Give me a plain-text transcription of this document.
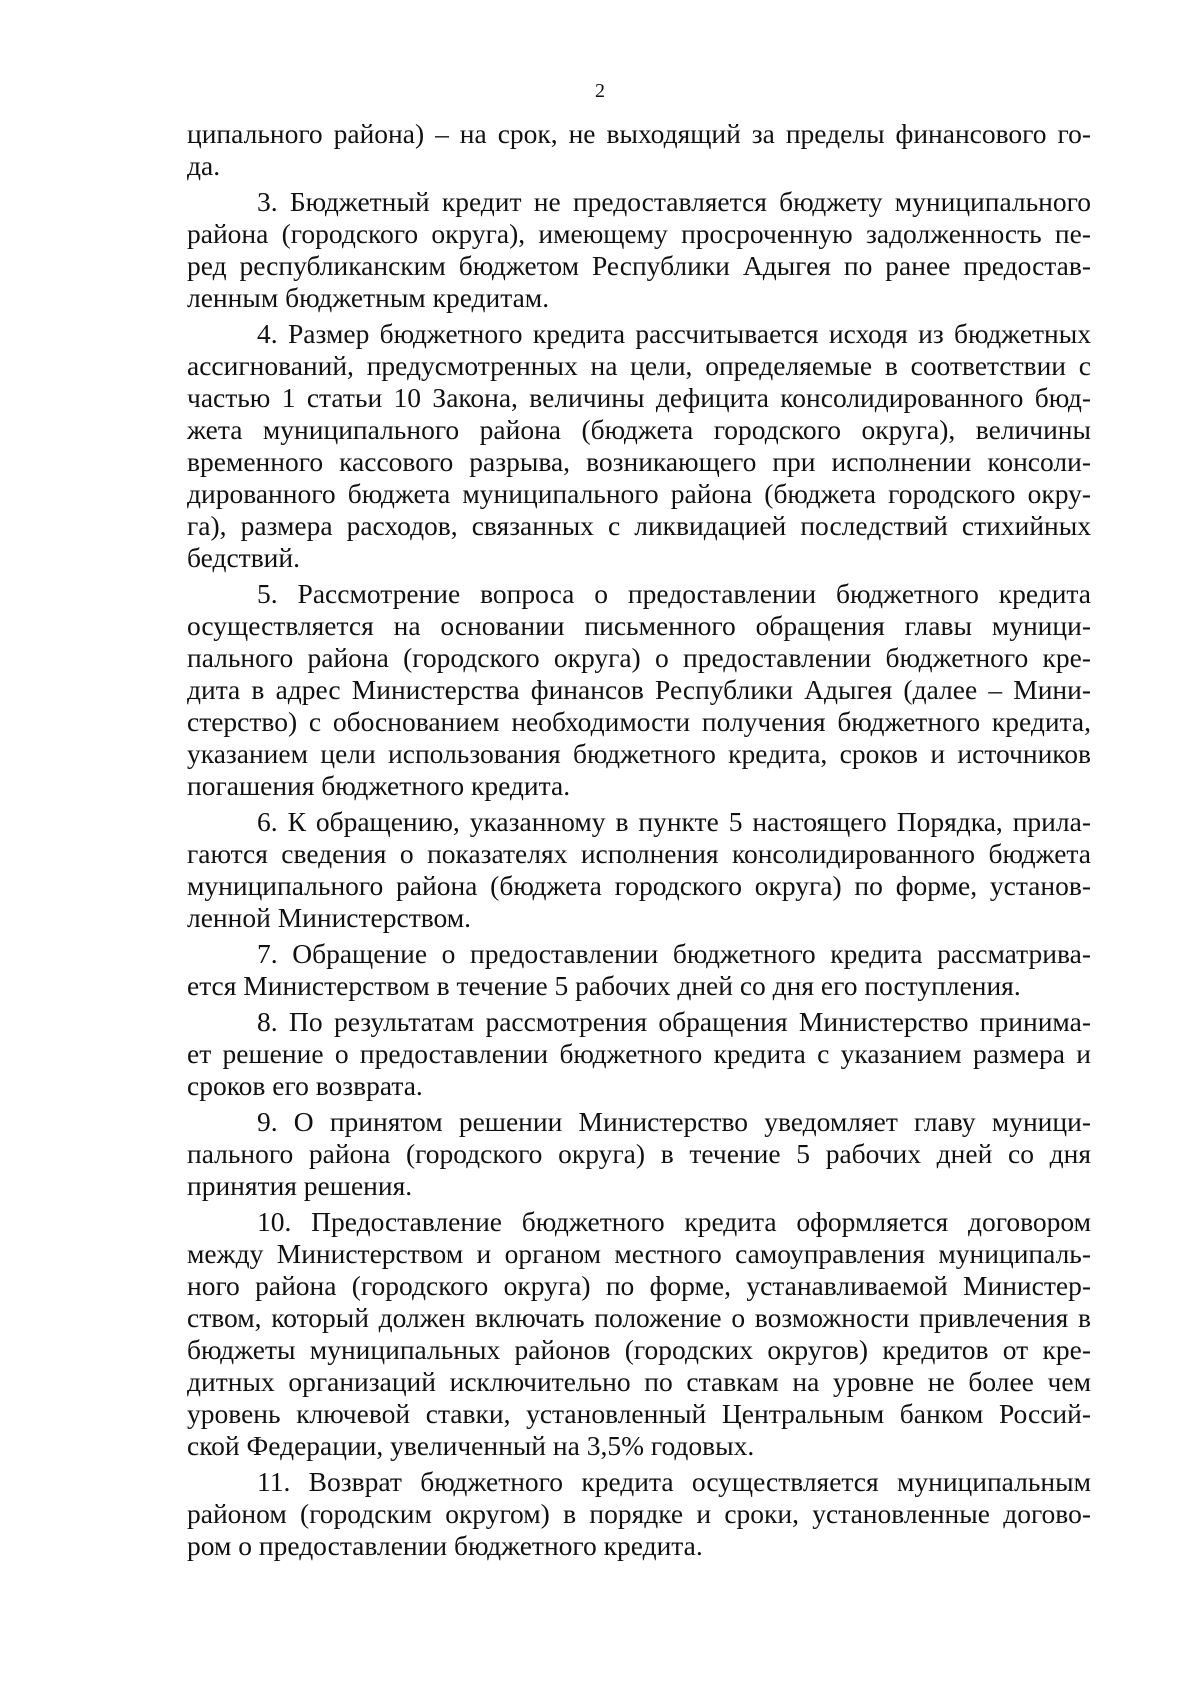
2
ципального района) – на срок, не выходящий за пределы финансового го-
да.
3. Бюджетный кредит не предоставляется бюджету муниципального
района (городского округа), имеющему просроченную задолженность пе-
ред республиканским бюджетом Республики Адыгея по ранее предостав-
ленным бюджетным кредитам.
4. Размер бюджетного кредита рассчитывается исходя из бюджетных
ассигнований, предусмотренных на цели, определяемые в соответствии с
частью 1 статьи 10 Закона, величины дефицита консолидированного бюд-
жета муниципального района (бюджета городского округа), величины
временного кассового разрыва, возникающего при исполнении консоли-
дированного бюджета муниципального района (бюджета городского окру-
га), размера расходов, связанных с ликвидацией последствий стихийных
бедствий.
5. Рассмотрение вопроса о предоставлении бюджетного кредита
осуществляется на основании письменного обращения главы муници-
пального района (городского округа) о предоставлении бюджетного кре-
дита в адрес Министерства финансов Республики Адыгея (далее – Мини-
стерство) с обоснованием необходимости получения бюджетного кредита,
указанием цели использования бюджетного кредита, сроков и источников
погашения бюджетного кредита.
6. К обращению, указанному в пункте 5 настоящего Порядка, прила-
гаются сведения о показателях исполнения консолидированного бюджета
муниципального района (бюджета городского округа) по форме, установ-
ленной Министерством.
7. Обращение о предоставлении бюджетного кредита рассматрива-
ется Министерством в течение 5 рабочих дней со дня его поступления.
8. По результатам рассмотрения обращения Министерство принима-
ет решение о предоставлении бюджетного кредита с указанием размера и
сроков его возврата.
9. О принятом решении Министерство уведомляет главу муници-
пального района (городского округа) в течение 5 рабочих дней со дня
принятия решения.
10. Предоставление бюджетного кредита оформляется договором
между Министерством и органом местного самоуправления муниципаль-
ного района (городского округа) по форме, устанавливаемой Министер-
ством, который должен включать положение о возможности привлечения в
бюджеты муниципальных районов (городских округов) кредитов от кре-
дитных организаций исключительно по ставкам на уровне не более чем
уровень ключевой ставки, установленный Центральным банком Россий-
ской Федерации, увеличенный на 3,5% годовых.
11. Возврат бюджетного кредита осуществляется муниципальным
районом (городским округом) в порядке и сроки, установленные догово-
ром о предоставлении бюджетного кредита.
